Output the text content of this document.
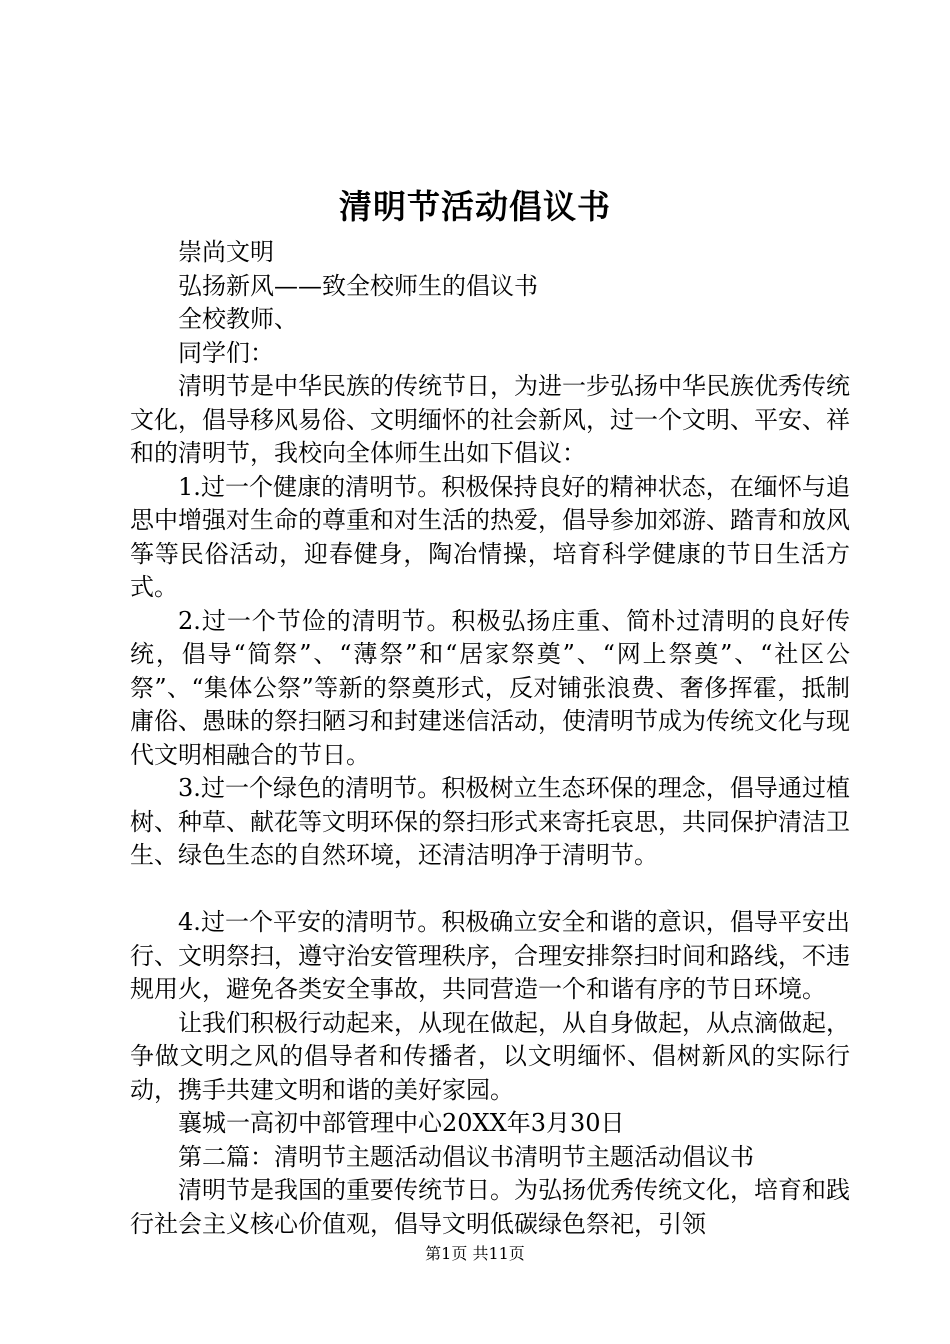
清明节活动倡议书

崇尚文明

弘扬新风——致全校师生的倡议书

全校教师、

同学们：

清明节是中华民族的传统节日，为进一步弘扬中华民族优秀传统文化，倡导移风易俗、文明缅怀的社会新风，过一个文明、平安、祥和的清明节，我校向全体师生出如下倡议：

1.过一个健康的清明节。积极保持良好的精神状态，在缅怀与追思中增强对生命的尊重和对生活的热爱，倡导参加郊游、踏青和放风筝等民俗活动，迎春健身，陶冶情操，培育科学健康的节日生活方式。

2.过一个节俭的清明节。积极弘扬庄重、简朴过清明的良好传统，倡导“简祭”、“薄祭”和“居家祭奠”、“网上祭奠”、“社区公祭”、“集体公祭”等新的祭奠形式，反对铺张浪费、奢侈挥霍，抵制庸俗、愚昧的祭扫陋习和封建迷信活动，使清明节成为传统文化与现代文明相融合的节日。

3.过一个绿色的清明节。积极树立生态环保的理念，倡导通过植树、种草、献花等文明环保的祭扫形式来寄托哀思，共同保护清洁卫生、绿色生态的自然环境，还清洁明净于清明节。

4.过一个平安的清明节。积极确立安全和谐的意识，倡导平安出行、文明祭扫，遵守治安管理秩序，合理安排祭扫时间和路线，不违规用火，避免各类安全事故，共同营造一个和谐有序的节日环境。

让我们积极行动起来，从现在做起，从自身做起，从点滴做起，争做文明之风的倡导者和传播者，以文明缅怀、倡树新风的实际行动，携手共建文明和谐的美好家园。

襄城一高初中部管理中心20XX年3月30日

第二篇：清明节主题活动倡议书清明节主题活动倡议书

清明节是我国的重要传统节日。为弘扬优秀传统文化，培育和践行社会主义核心价值观，倡导文明低碳绿色祭祀，引领

第1页 共11页
